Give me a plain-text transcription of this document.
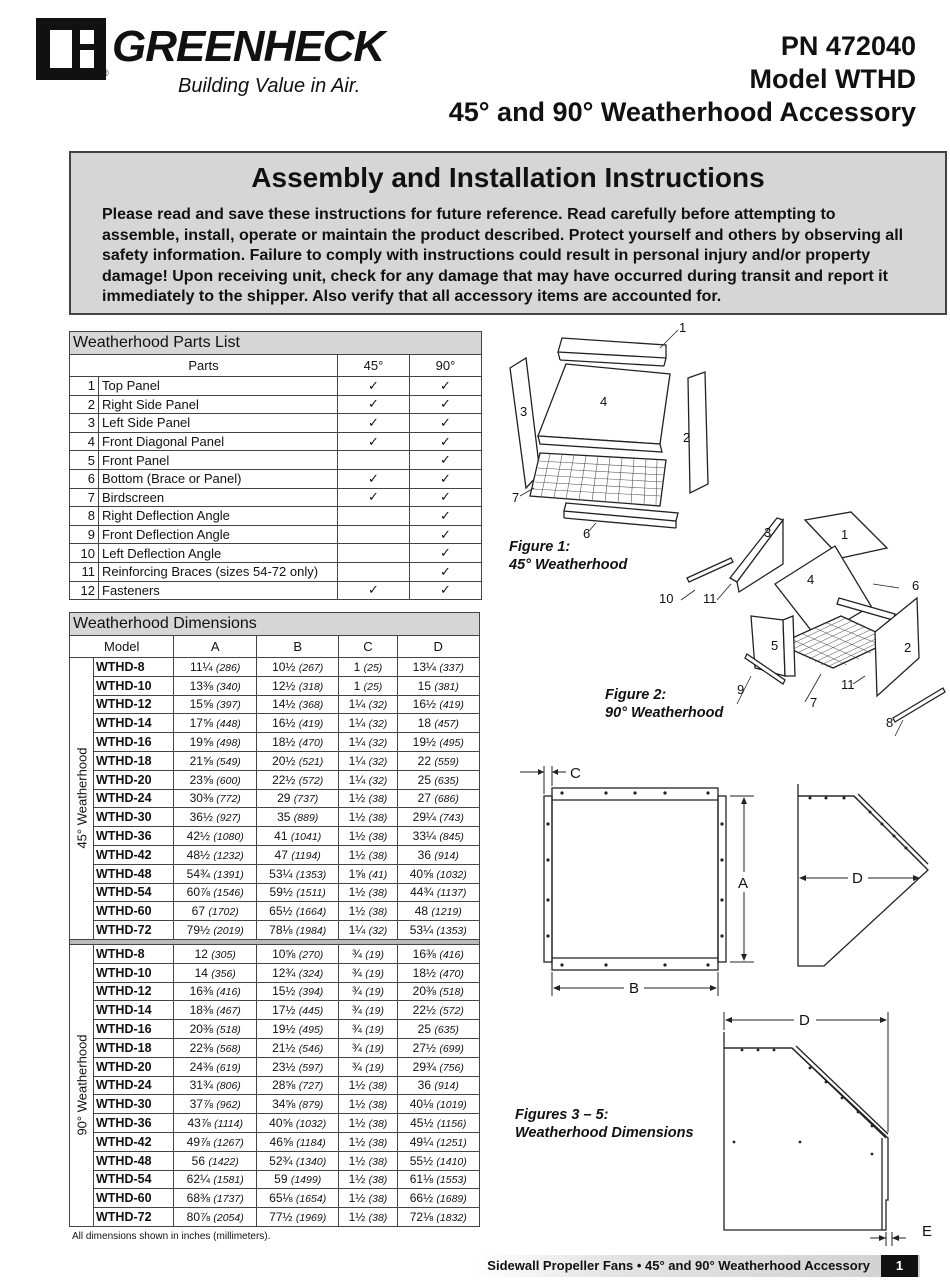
GREENHECK
®
Building Value in Air.
PN 472040
Model WTHD
45° and 90° Weatherhood Accessory
Assembly and Installation Instructions

Please read and save these instructions for future reference. Read carefully before attempting to assemble, install, operate or maintain the product described. Protect yourself and others by observing all safety information. Failure to comply with instructions could result in personal injury and/or property damage! Upon receiving unit, check for any damage that may have occurred during transit and report it immediately to the shipper. Also verify that all accessory items are accounted for.

Weatherhood Parts List			
Parts		45°	90°
1	Top Panel	✓	✓
2	Right Side Panel	✓	✓
3	Left Side Panel	✓	✓
4	Front Diagonal Panel	✓	✓
5	Front Panel		✓
6	Bottom (Brace or Panel)	✓	✓
7	Birdscreen	✓	✓
8	Right Deflection Angle		✓
9	Front Deflection Angle		✓
10	Left Deflection Angle		✓
11	Reinforcing Braces (sizes 54-72 only)		✓
12	Fasteners	✓	✓
Weatherhood Dimensions					
Model		A	B	C	D

45° Weatherhood	WTHD-8	11¼ (286)	10½ (267)	1 (25)	13¼ (337)
	WTHD-10	13⅜ (340)	12½ (318)	1 (25)	15 (381)
	WTHD-12	15⅝ (397)	14½ (368)	1¼ (32)	16½ (419)
	WTHD-14	17⅝ (448)	16½ (419)	1¼ (32)	18 (457)
	WTHD-16	19⅝ (498)	18½ (470)	1¼ (32)	19½ (495)
	WTHD-18	21⅝ (549)	20½ (521)	1¼ (32)	22 (559)
	WTHD-20	23⅝ (600)	22½ (572)	1¼ (32)	25 (635)
	WTHD-24	30⅜ (772)	29 (737)	1½ (38)	27 (686)
	WTHD-30	36½ (927)	35 (889)	1½ (38)	29¼ (743)
	WTHD-36	42½ (1080)	41 (1041)	1½ (38)	33¼ (845)
	WTHD-42	48½ (1232)	47 (1194)	1½ (38)	36 (914)
	WTHD-48	54¾ (1391)	53¼ (1353)	1⅝ (41)	40⅝ (1032)
	WTHD-54	60⅞ (1546)	59½ (1511)	1½ (38)	44¾ (1137)
	WTHD-60	67 (1702)	65½ (1664)	1½ (38)	48 (1219)
	WTHD-72	79½ (2019)	78⅛ (1984)	1¼ (32)	53¼ (1353)

90° Weatherhood	WTHD-8	12 (305)	10⅝ (270)	¾ (19)	16⅜ (416)
	WTHD-10	14 (356)	12¾ (324)	¾ (19)	18½ (470)
	WTHD-12	16⅜ (416)	15½ (394)	¾ (19)	20⅜ (518)
	WTHD-14	18⅜ (467)	17½ (445)	¾ (19)	22½ (572)
	WTHD-16	20⅜ (518)	19½ (495)	¾ (19)	25 (635)
	WTHD-18	22⅜ (568)	21½ (546)	¾ (19)	27½ (699)
	WTHD-20	24⅜ (619)	23½ (597)	¾ (19)	29¾ (756)
	WTHD-24	31¾ (806)	28⅝ (727)	1½ (38)	36 (914)
	WTHD-30	37⅞ (962)	34⅝ (879)	1½ (38)	40⅛ (1019)
	WTHD-36	43⅞ (1114)	40⅝ (1032)	1½ (38)	45½ (1156)
	WTHD-42	49⅞ (1267)	46⅝ (1184)	1½ (38)	49¼ (1251)
	WTHD-48	56 (1422)	52¾ (1340)	1½ (38)	55½ (1410)
	WTHD-54	62¼ (1581)	59 (1499)	1½ (38)	61⅛ (1553)
	WTHD-60	68⅜ (1737)	65⅛ (1654)	1½ (38)	66½ (1689)
	WTHD-72	80⅞ (2054)	77½ (1969)	1½ (38)	72⅛ (1832)
All dimensions shown in inches (millimeters).
1
2
3
4
6
7
Figure 1:
45° Weatherhood
1
2
3
4
5
6
7
8
9
10 11
11
Figure 2:
90° Weatherhood
C
A
B
D
D
E
Figures 3 – 5:
Weatherhood Dimensions
Sidewall Propeller Fans • 45° and 90° Weatherhood Accessory	1
